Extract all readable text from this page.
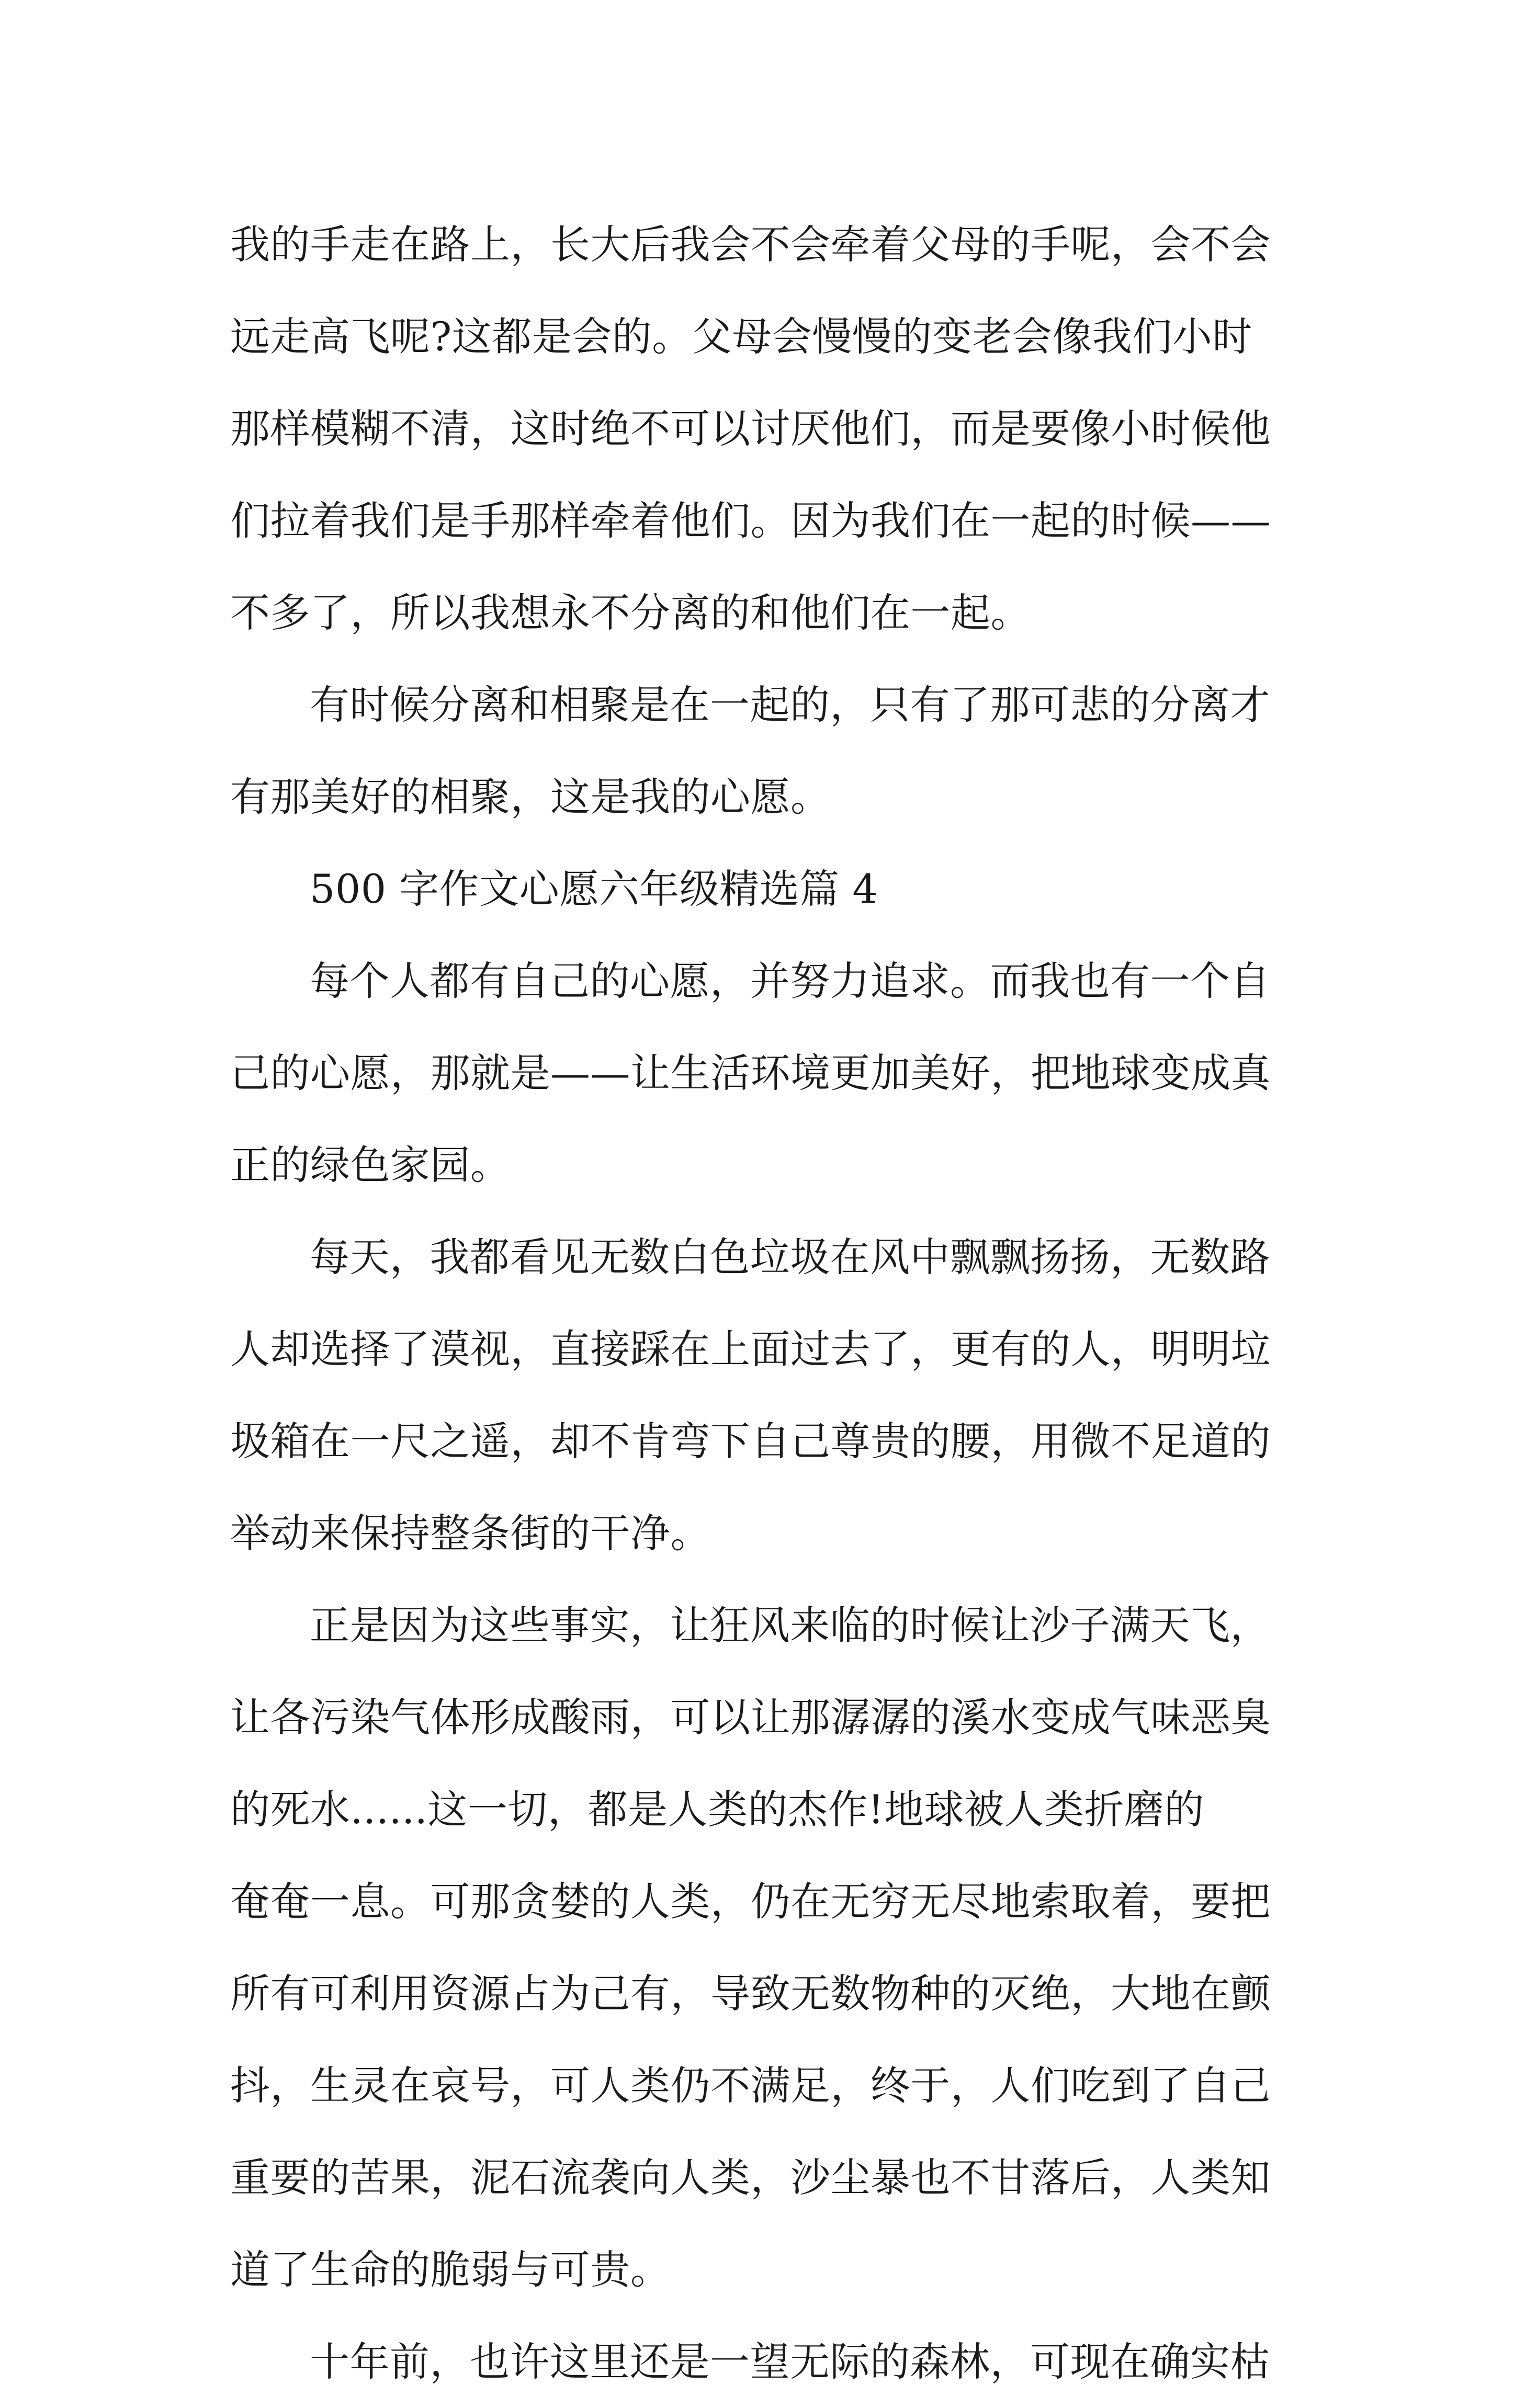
我的手走在路上，长大后我会不会牵着父母的手呢，会不会
远走高飞呢?这都是会的。父母会慢慢的变老会像我们小时
那样模糊不清，这时绝不可以讨厌他们，而是要像小时候他
们拉着我们是手那样牵着他们。因为我们在一起的时候——
不多了，所以我想永不分离的和他们在一起。
有时候分离和相聚是在一起的，只有了那可悲的分离才
有那美好的相聚，这是我的心愿。
500 字作文心愿六年级精选篇 4
每个人都有自己的心愿，并努力追求。而我也有一个自
己的心愿，那就是——让生活环境更加美好，把地球变成真
正的绿色家园。
每天，我都看见无数白色垃圾在风中飘飘扬扬，无数路
人却选择了漠视，直接踩在上面过去了，更有的人，明明垃
圾箱在一尺之遥，却不肯弯下自己尊贵的腰，用微不足道的
举动来保持整条街的干净。
正是因为这些事实，让狂风来临的时候让沙子满天飞，
让各污染气体形成酸雨，可以让那潺潺的溪水变成气味恶臭
的死水......这一切，都是人类的杰作!地球被人类折磨的
奄奄一息。可那贪婪的人类，仍在无穷无尽地索取着，要把
所有可利用资源占为己有，导致无数物种的灭绝，大地在颤
抖，生灵在哀号，可人类仍不满足，终于，人们吃到了自己
重要的苦果，泥石流袭向人类，沙尘暴也不甘落后，人类知
道了生命的脆弱与可贵。
十年前，也许这里还是一望无际的森林，可现在确实枯
